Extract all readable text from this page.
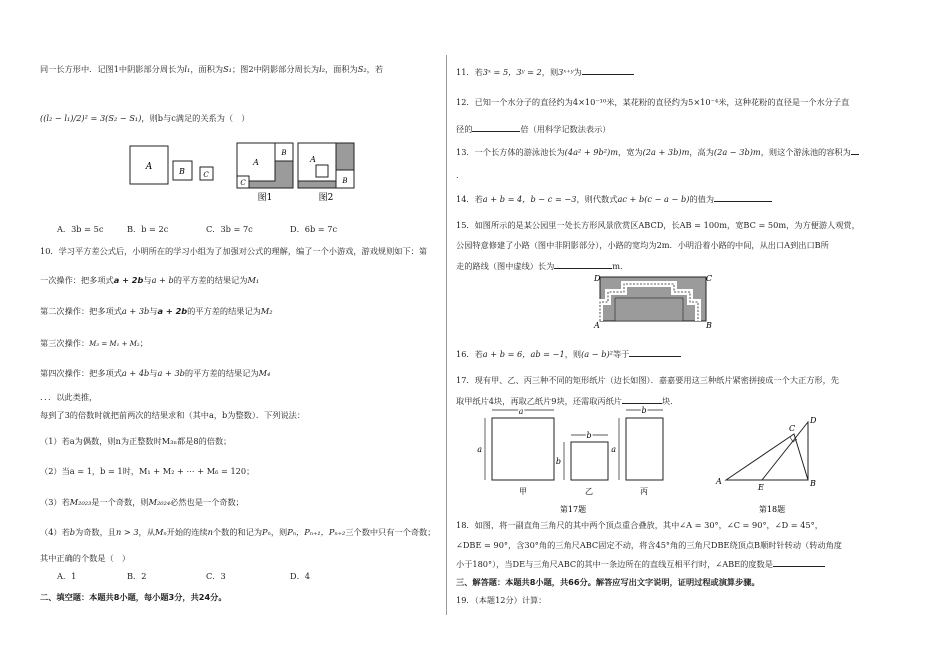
同一长方形中．记图1中阴影部分周长为l₁，面积为S₁；图2中阴影部分周长为l₂，面积为S₂，若
((l₂ − l₁)/2)² = 3(S₂ − S₁)，则b与c满足的关系为（　）
A	B	C
A
B
C
图1
A
B
图2
A．3b = 5c	B．b = 2c	C．3b = 7c	D．6b = 7c
10．学习平方差公式后，小明所在的学习小组为了加强对公式的理解，编了一个小游戏，游戏规则如下：第
一次操作：把多项式a + 2b与a + b的平方差的结果记为M₁
第二次操作：把多项式a + 3b与a + 2b的平方差的结果记为M₂
第三次操作：M₃ = M₁ + M₂；
第四次操作：把多项式a + 4b与a + 3b的平方差的结果记为M₄
．．．以此类推，
每到了3的倍数时就把前两次的结果求和（其中a，b为整数）．下列说法：
（1）若a为偶数，则n为正整数时M₃ₙ都是8的倍数；
（2）当a = 1，b = 1时，M₁ + M₂ + ⋯ + M₆ = 120；
（3）若M₂₀₂₃是一个奇数，则M₂₀₂₄必然也是一个奇数；
（4）若b为奇数，且n > 3，从Mₙ开始的连续n个数的和记为Pₙ，则Pₙ，Pₙ₊₁，Pₙ₊₂三个数中只有一个奇数；
其中正确的个数是（　）
A．1	B．2	C．3	D．4
二、填空题：本题共8小题，每小题3分，共24分。
11．若3ˣ = 5，3ʸ = 2，则3ˣ⁺ʸ为
12．已知一个水分子的直径约为4×10⁻¹⁰米，某花粉的直径约为5×10⁻⁴米，这种花粉的直径是一个水分子直
径的	倍（用科学记数法表示）
13．一个长方体的游泳池长为(4a² + 9b²)m，宽为(2a + 3b)m，高为(2a − 3b)m，则这个游泳池的容积为
.
14．若a + b = 4，b − c = −3，则代数式ac + b(c − a − b)的值为
15．如图所示的是某公园里一处长方形风景欣赏区ABCD，长AB = 100m，宽BC = 50m，为方便游人观赏，
公园特意修建了小路（图中非阴影部分），小路的宽均为2m．小明沿着小路的中间，从出口A到出口B所
走的路线（图中虚线）长为	m．
D	C
A	B
16．若a + b = 6，ab = −1，则(a − b)²等于
17．现有甲、乙、丙三种不同的矩形纸片（边长如图）．嘉嘉要用这三种纸片紧密拼接成一个大正方形，先
取甲纸片4块，再取乙纸片9块，还需取丙纸片	块．
a
a
甲
b
b
乙
b
a
丙
第17题
A	B
C
D
E
第18题
18．如图，将一副直角三角尺的其中两个顶点重合叠放，其中∠A = 30°，∠C = 90°，∠D = 45°，
∠DBE = 90°，含30°角的三角尺ABC固定不动，将含45°角的三角尺DBE绕顶点B顺时针转动（转动角度
小于180°），当DE与三角尺ABC的其中一条边所在的直线互相平行时，∠ABE的度数是
三、解答题：本题共8小题，共66分。解答应写出文字说明，证明过程或演算步骤。
19．（本题12分）计算：
